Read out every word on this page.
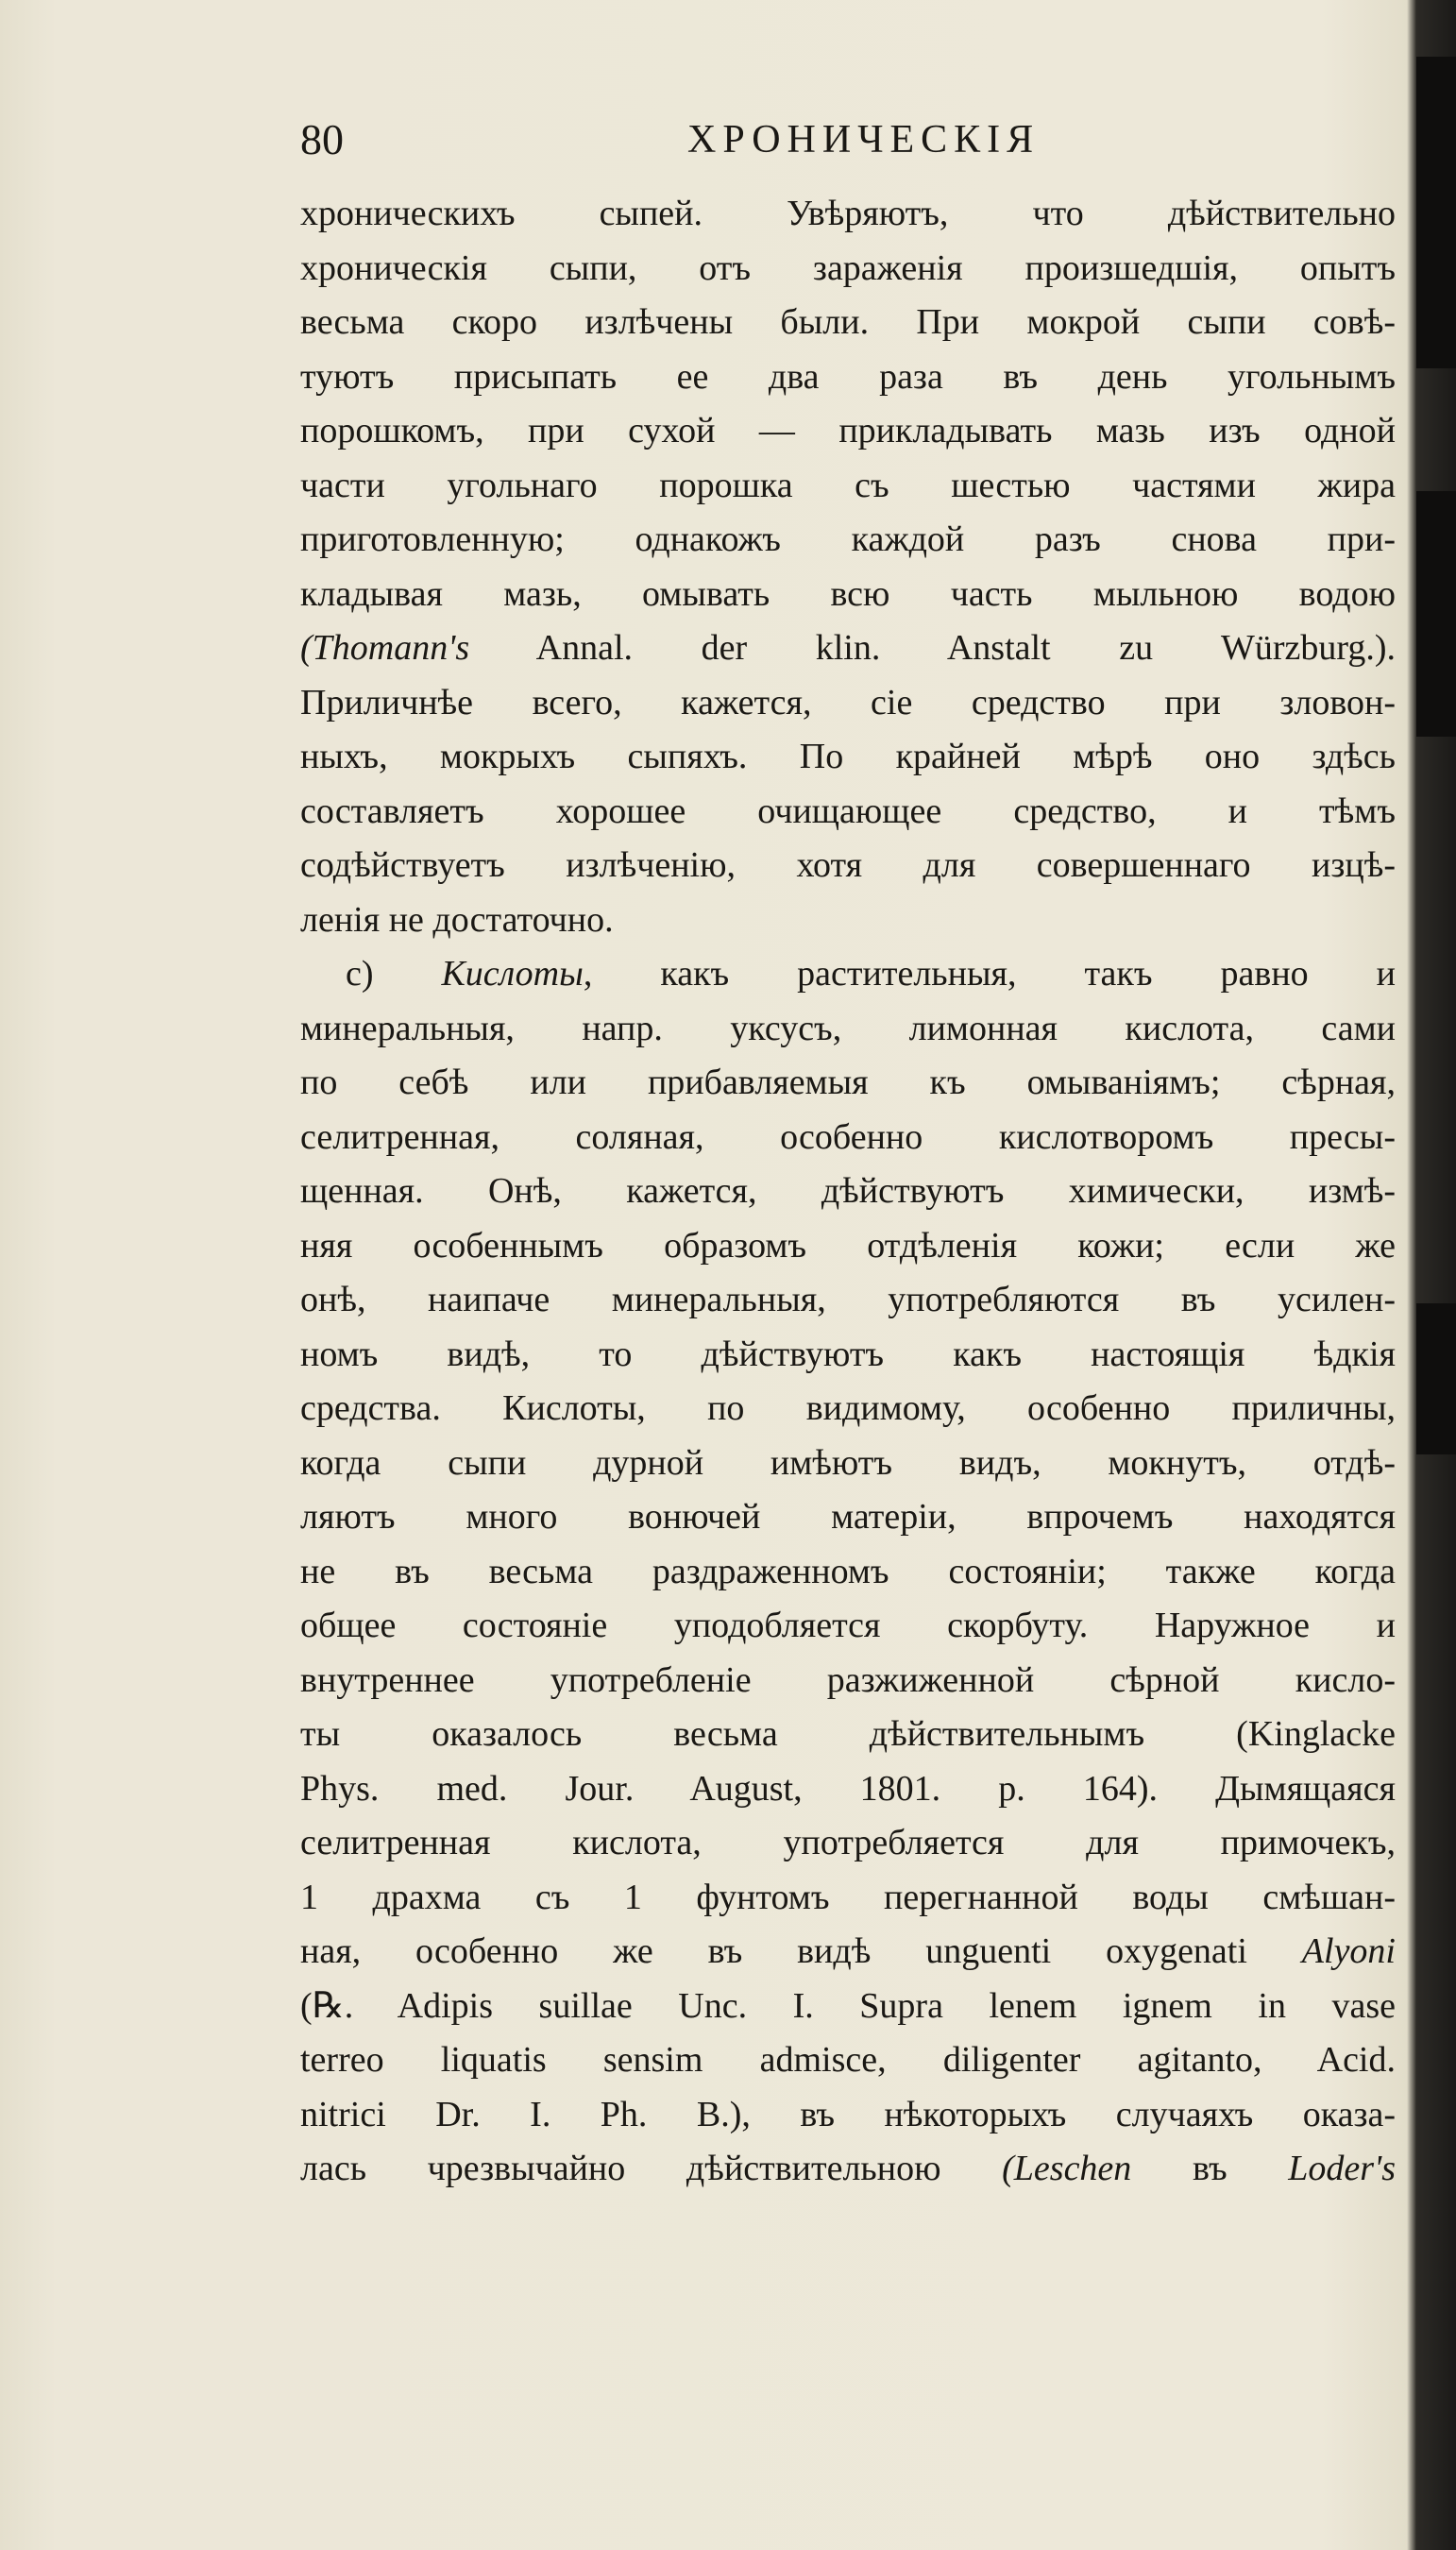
80	ХРОНИЧЕСКІЯ
хроническихъ сыпей. Увѣряютъ, что дѣйствительно
хроническія сыпи, отъ зараженія произшедшія, опытъ
весьма скоро излѣчены были. При мокрой сыпи совѣ-
туютъ присыпать ее два раза въ день угольнымъ
порошкомъ, при сухой — прикладывать мазь изъ одной
части угольнаго порошка съ шестью частями жира
приготовленную; однакожъ каждой разъ снова при-
кладывая мазь, омывать всю часть мыльною водою
(Thomann's Annal. der klin. Anstalt zu Würzburg.).
Приличнѣе всего, кажется, сіе средство при зловон-
ныхъ, мокрыхъ сыпяхъ. По крайней мѣрѣ оно здѣсь
составляетъ хорошее очищающее средство, и тѣмъ
содѣйствуетъ излѣченію, хотя для совершеннаго изцѣ-
ленія не достаточно.
c) Кислоты, какъ растительныя, такъ равно и
минеральныя, напр. уксусъ, лимонная кислота, сами
по себѣ или прибавляемыя къ омываніямъ; сѣрная,
селитренная, соляная, особенно кислотворомъ пресы-
щенная. Онѣ, кажется, дѣйствуютъ химически, измѣ-
няя особеннымъ образомъ отдѣленія кожи; если же
онѣ, наипаче минеральныя, употребляются въ усилен-
номъ видѣ, то дѣйствуютъ какъ настоящія ѣдкія
средства. Кислоты, по видимому, особенно приличны,
когда сыпи дурной имѣютъ видъ, мокнутъ, отдѣ-
ляютъ много вонючей матеріи, впрочемъ находятся
не въ весьма раздраженномъ состояніи; также когда
общее состояніе уподобляется скорбуту. Наружное и
внутреннее употребленіе разжиженной сѣрной кисло-
ты оказалось весьма дѣйствительнымъ (Kinglacke
Phys. med. Jour. August, 1801. p. 164). Дымящаяся
селитренная кислота, употребляется для примочекъ,
1 драхма съ 1 фунтомъ перегнанной воды смѣшан-
ная, особенно же въ видѣ unguenti oxygenati Alyoni
(℞. Adipis suillae Unc. I. Supra lenem ignem in vase
terreo liquatis sensim admisce, diligenter agitanto, Acid.
nitrici Dr. I. Ph. B.), въ нѣкоторыхъ случаяхъ оказа-
лась чрезвычайно дѣйствительною (Leschen въ Loder's
